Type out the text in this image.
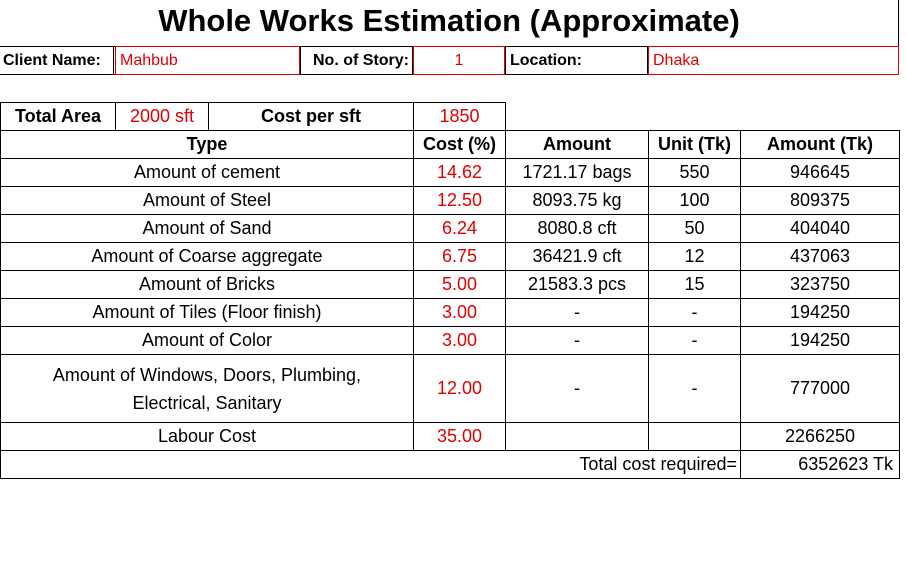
Whole Works Estimation (Approximate)
Client Name:	Mahbub	No. of Story:	1	Location:	Dhaka
Total Area	2000 sft	Cost per sft	1850
Type	Cost (%)	Amount	Unit (Tk)	Amount (Tk)
Amount of cement	14.62	1721.17 bags	550	946645
Amount of Steel	12.50	8093.75 kg	100	809375
Amount of Sand	6.24	8080.8 cft	50	404040
Amount of Coarse aggregate	6.75	36421.9 cft	12	437063
Amount of Bricks	5.00	21583.3 pcs	15	323750
Amount of Tiles (Floor finish)	3.00	-	-	194250
Amount of Color	3.00	-	-	194250
Amount of Windows, Doors, Plumbing, Electrical, Sanitary	12.00	-	-	777000
Labour Cost	35.00			2266250
Total cost required=				6352623 Tk
